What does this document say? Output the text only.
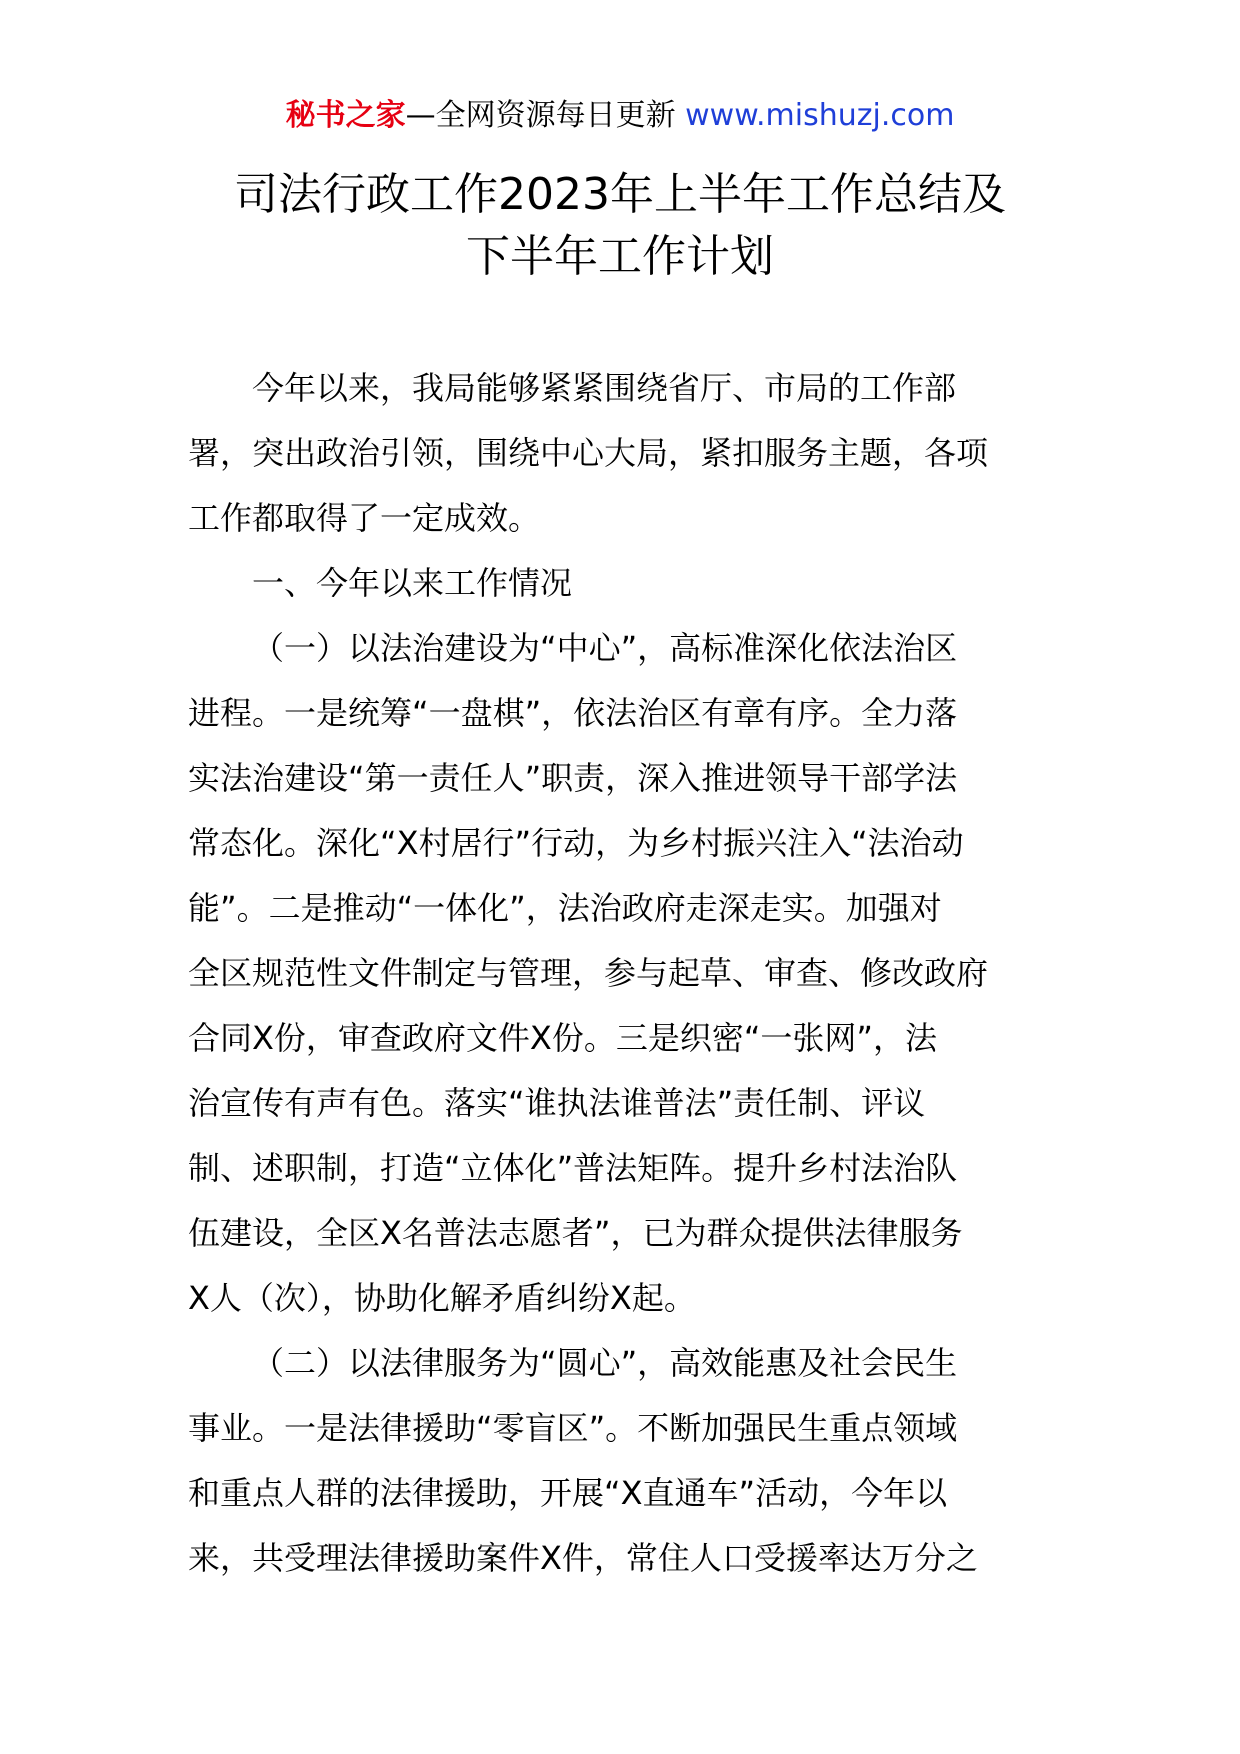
秘书之家—全网资源每日更新 www.mishuzj.com
司法行政工作2023年上半年工作总结及
下半年工作计划
今年以来，我局能够紧紧围绕省厅、市局的工作部
署，突出政治引领，围绕中心大局，紧扣服务主题，各项
工作都取得了一定成效。
一、今年以来工作情况
（一）以法治建设为“中心”，高标准深化依法治区
进程。一是统筹“一盘棋”，依法治区有章有序。全力落
实法治建设“第一责任人”职责，深入推进领导干部学法
常态化。深化“X村居行”行动，为乡村振兴注入“法治动
能”。二是推动“一体化”，法治政府走深走实。加强对
全区规范性文件制定与管理，参与起草、审查、修改政府
合同X份，审查政府文件X份。三是织密“一张网”，法
治宣传有声有色。落实“谁执法谁普法”责任制、评议
制、述职制，打造“立体化”普法矩阵。提升乡村法治队
伍建设，全区X名普法志愿者”，已为群众提供法律服务
X人（次），协助化解矛盾纠纷X起。
（二）以法律服务为“圆心”，高效能惠及社会民生
事业。一是法律援助“零盲区”。不断加强民生重点领域
和重点人群的法律援助，开展“X直通车”活动，今年以
来，共受理法律援助案件X件，常住人口受援率达万分之
